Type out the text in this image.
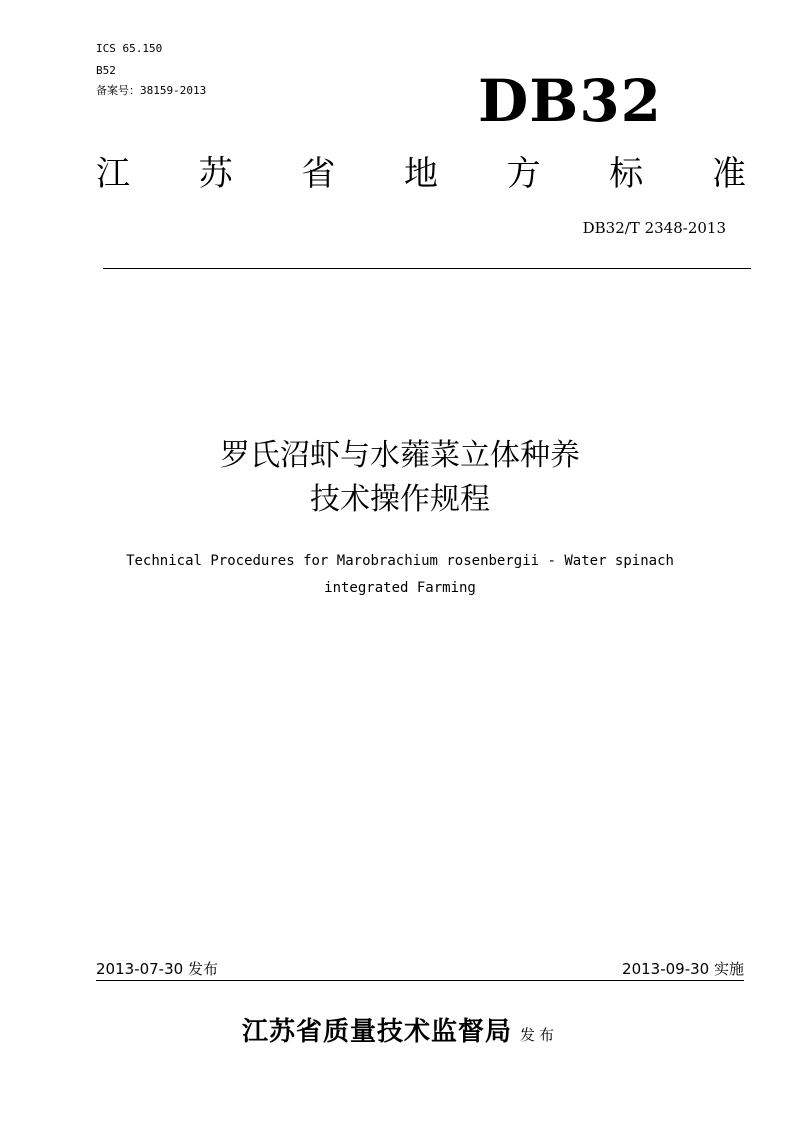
ICS 65.150
B52
备案号：38159-2013	DB32
江 苏 省 地 方 标 准
DB32/T 2348-2013
罗氏沼虾与水蕹菜立体种养
技术操作规程
Technical Procedures for Marobrachium rosenbergii - Water spinach
integrated Farming
2013-07-30 发布	2013-09-30 实施
江苏省质量技术监督局 发布
